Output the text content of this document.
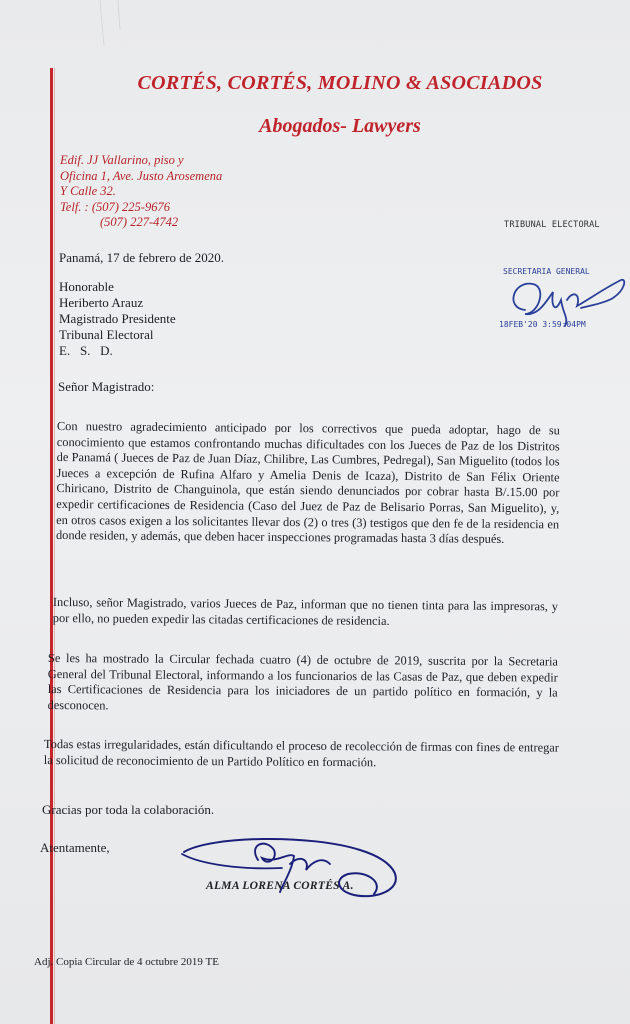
CORTÉS, CORTÉS, MOLINO & ASOCIADOS
Abogados- Lawyers
Edif. JJ Vallarino, piso y
Oficina 1, Ave. Justo Arosemena
Y Calle 32.
Telf. : (507) 225-9676
(507) 227-4742	TRIBUNAL ELECTORAL
SECRETARIA GENERAL
18FEB'20 3:59:04PM
Panamá, 17 de febrero de 2020.
Honorable
Heriberto Arauz
Magistrado Presidente
Tribunal Electoral
E.   S.   D.
Señor Magistrado:
Con nuestro agradecimiento anticipado por los correctivos que pueda adoptar, hago de su conocimiento que estamos confrontando muchas dificultades con los Jueces de Paz de los Distritos de Panamá ( Jueces de Paz de Juan Díaz, Chilibre, Las Cumbres, Pedregal), San Miguelito (todos los Jueces a excepción de Rufina Alfaro y Amelia Denis de Icaza), Distrito de San Félix Oriente Chiricano, Distrito de Changuinola, que están siendo denunciados por cobrar hasta B/.15.00 por expedir certificaciones de Residencia (Caso del Juez de Paz de Belisario Porras, San Miguelito), y, en otros casos exigen a los solicitantes llevar dos (2) o tres (3) testigos que den fe de la residencia en donde residen, y además, que deben hacer inspecciones programadas hasta 3 días después.
Incluso, señor Magistrado, varios Jueces de Paz, informan que no tienen tinta para las impresoras, y por ello, no pueden expedir las citadas certificaciones de residencia.
Se les ha mostrado la Circular fechada cuatro (4) de octubre de 2019, suscrita por la Secretaria General del Tribunal Electoral, informando a los funcionarios de las Casas de Paz, que deben expedir las Certificaciones de Residencia para los iniciadores de un partido político en formación, y la desconocen.
Todas estas irregularidades, están dificultando el proceso de recolección de firmas con fines de entregar la solicitud de reconocimiento de un Partido Político en formación.
Gracias por toda la colaboración.
Atentamente,
ALMA LORENA CORTÉS A.
Adj. Copia Circular de 4 octubre 2019 TE
